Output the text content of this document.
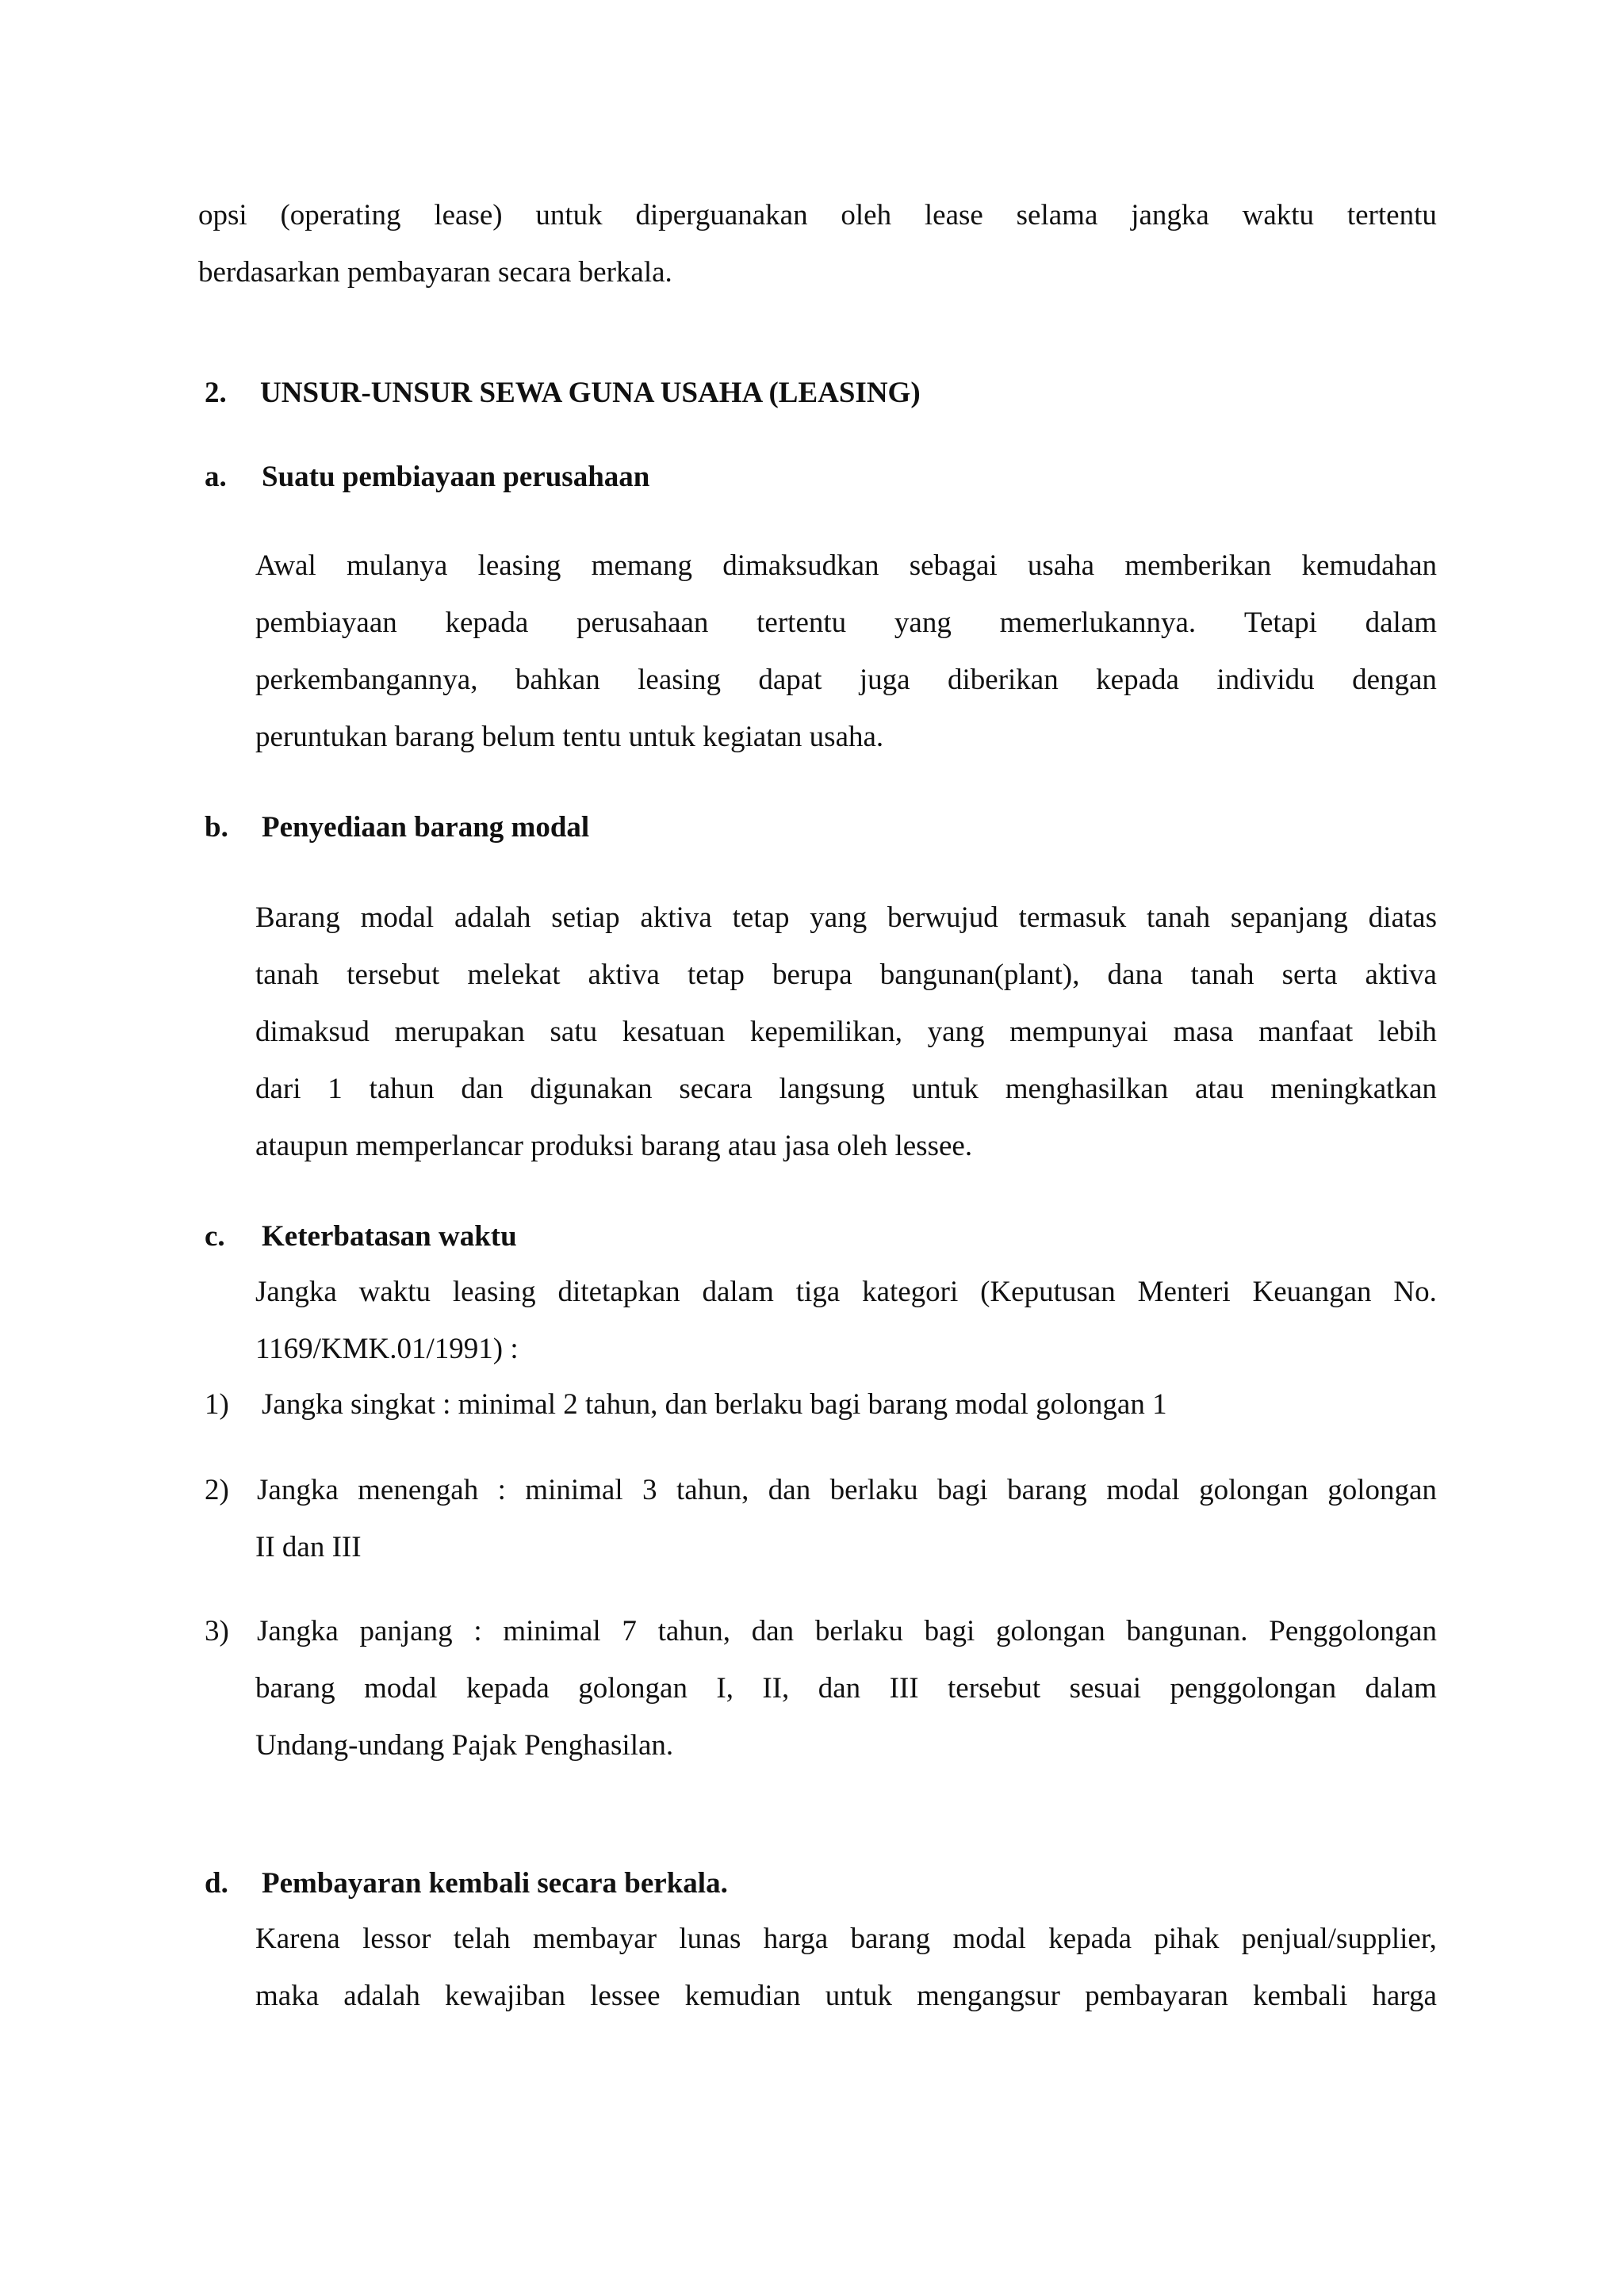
opsi (operating lease) untuk diperguanakan oleh lease selama jangka waktu tertentu
berdasarkan pembayaran secara berkala.
2. UNSUR-UNSUR SEWA GUNA USAHA (LEASING)
a. Suatu pembiayaan perusahaan
Awal mulanya leasing memang dimaksudkan sebagai usaha memberikan kemudahan
pembiayaan kepada perusahaan tertentu yang memerlukannya. Tetapi dalam
perkembangannya, bahkan leasing dapat juga diberikan kepada individu dengan
peruntukan barang belum tentu untuk kegiatan usaha.
b. Penyediaan barang modal
Barang modal adalah setiap aktiva tetap yang berwujud termasuk tanah sepanjang diatas
tanah tersebut melekat aktiva tetap berupa bangunan(plant), dana tanah serta aktiva
dimaksud merupakan satu kesatuan kepemilikan, yang mempunyai masa manfaat lebih
dari 1 tahun dan digunakan secara langsung untuk menghasilkan atau meningkatkan
ataupun memperlancar produksi barang atau jasa oleh lessee.
c. Keterbatasan waktu
Jangka waktu leasing ditetapkan dalam tiga kategori (Keputusan Menteri Keuangan No.
1169/KMK.01/1991) :
1) Jangka singkat : minimal 2 tahun, dan berlaku bagi barang modal golongan 1
2) Jangka menengah : minimal 3 tahun, dan berlaku bagi barang modal golongan golongan
II dan III
3) Jangka panjang : minimal 7 tahun, dan berlaku bagi golongan bangunan. Penggolongan
barang modal kepada golongan I, II, dan III tersebut sesuai penggolongan dalam
Undang-undang Pajak Penghasilan.
d. Pembayaran kembali secara berkala.
Karena lessor telah membayar lunas harga barang modal kepada pihak penjual/supplier,
maka adalah kewajiban lessee kemudian untuk mengangsur pembayaran kembali harga
